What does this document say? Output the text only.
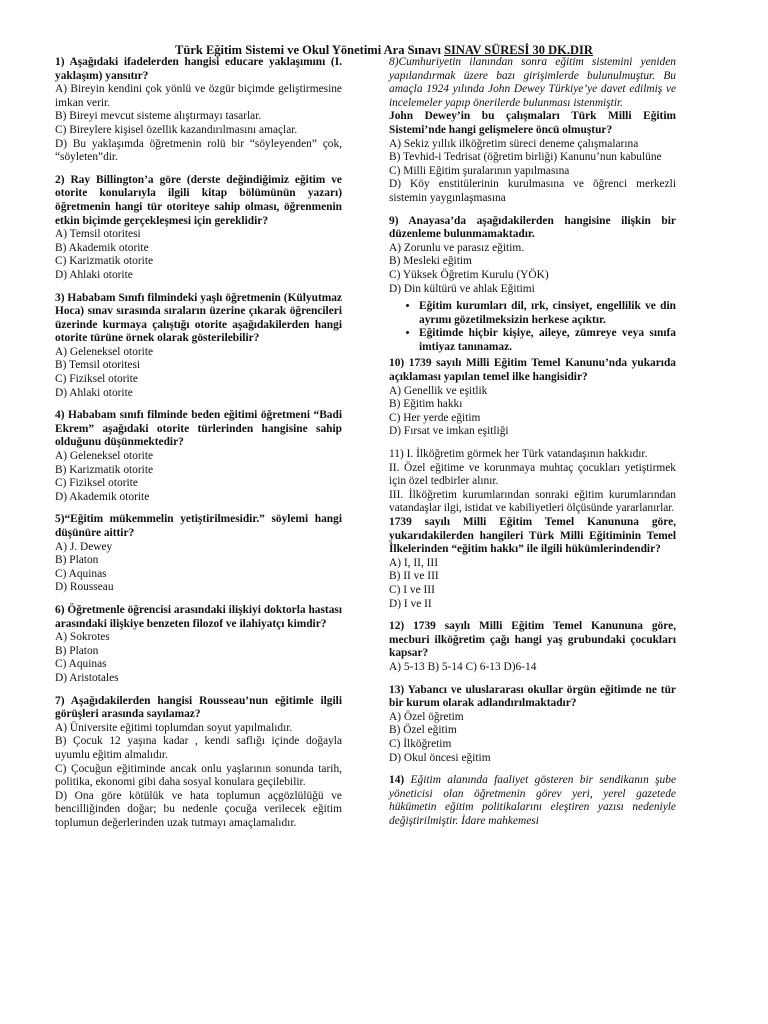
Türk Eğitim Sistemi ve Okul Yönetimi Ara Sınavı SINAV SÜRESİ 30 DK.DIR
1) Aşağıdaki ifadelerden hangisi educare yaklaşımını (I. yaklaşım) yansıtır?
A) Bireyin kendini çok yönlü ve özgür biçimde geliştirmesine imkan verir.
B) Bireyi mevcut sisteme alıştırmayı tasarlar.
C) Bireylere kişisel özellik kazandırılmasını amaçlar.
D) Bu yaklaşımda öğretmenin rolü bir “söyleyenden” çok, “söyleten”dir.
2) Ray Billington’a göre (derste değindiğimiz eğitim ve otorite konularıyla ilgili kitap bölümünün yazarı) öğretmenin hangi tür otoriteye sahip olması, öğrenmenin etkin biçimde gerçekleşmesi için gereklidir?
A) Temsil otoritesi
B) Akademik otorite
C) Karizmatik otorite
D) Ahlaki otorite
3) Hababam Sınıfı filmindeki yaşlı öğretmenin (Külyutmaz Hoca) sınav sırasında sıraların üzerine çıkarak öğrencileri üzerinde kurmaya çalıştığı otorite aşağıdakilerden hangi otorite türüne örnek olarak gösterilebilir?
A) Geleneksel otorite
B) Temsil otoritesi
C) Fiziksel otorite
D) Ahlaki otorite
4) Hababam sınıfı filminde beden eğitimi öğretmeni “Badi Ekrem” aşağıdaki otorite türlerinden hangisine sahip olduğunu düşünmektedir?
A) Geleneksel otorite
B) Karizmatik otorite
C) Fiziksel otorite
D) Akademik otorite
5)“Eğitim mükemmelin yetiştirilmesidir.” söylemi hangi düşünüre aittir?
A) J. Dewey
B) Platon
C) Aquinas
D) Rousseau
6) Öğretmenle öğrencisi arasındaki ilişkiyi doktorla hastası arasındaki ilişkiye benzeten filozof ve ilahiyatçı kimdir?
A) Sokrotes
B) Platon
C) Aquinas
D) Aristotales
7) Aşağıdakilerden hangisi Rousseau’nun eğitimle ilgili görüşleri arasında sayılamaz?
A) Üniversite eğitimi toplumdan soyut yapılmalıdır.
B) Çocuk 12 yaşına kadar , kendi saflığı içinde doğayla uyumlu eğitim almalıdır.
C) Çocuğun eğitiminde ancak onlu yaşlarının sonunda tarih, politika, ekonomi gibi daha sosyal konulara geçilebilir.
D) Ona göre kötülük ve hata toplumun açgözlülüğü ve bencilliğinden doğar; bu nedenle çocuğa verilecek eğitim toplumun değerlerinden uzak tutmayı amaçlamalıdır.
8)Cumhuriyetin ilanından sonra eğitim sistemini yeniden yapılandırmak üzere bazı girişimlerde bulunulmuştur. Bu amaçla 1924 yılında John Dewey Türkiye’ye davet edilmiş ve incelemeler yapıp önerilerde bulunması istenmiştir.
John Dewey’in bu çalışmaları Türk Milli Eğitim Sistemi’nde hangi gelişmelere öncü olmuştur?
A) Sekiz yıllık ilköğretim süreci deneme çalışmalarına
B) Tevhid-i Tedrisat (öğretim birliği) Kanunu’nun kabulüne
C) Milli Eğitim şuralarının yapılmasına
D) Köy enstitülerinin kurulmasına ve öğrenci merkezli sistemin yaygınlaşmasına
9) Anayasa’da aşağıdakilerden hangisine ilişkin bir düzenleme bulunmamaktadır.
A) Zorunlu ve parasız eğitim.
B) Mesleki eğitim
C) Yüksek Öğretim Kurulu (YÖK)
D) Din kültürü ve ahlak Eğitimi
• Eğitim kurumları dil, ırk, cinsiyet, engellilik ve din ayrımı gözetilmeksizin herkese açıktır.
• Eğitimde hiçbir kişiye, aileye, zümreye veya sınıfa imtiyaz tanınamaz.
10) 1739 sayılı Milli Eğitim Temel Kanunu’nda yukarıda açıklaması yapılan temel ilke hangisidir?
A) Genellik ve eşitlik
B) Eğitim hakkı
C) Her yerde eğitim
D) Fırsat ve imkan eşitliği
11) I. İlköğretim görmek her Türk vatandaşının hakkıdır.
II. Özel eğitime ve korunmaya muhtaç çocukları yetiştirmek için özel tedbirler alınır.
III. İlköğretim kurumlarından sonraki eğitim kurumlarından vatandaşlar ilgi, istidat ve kabiliyetleri ölçüsünde yararlanırlar.
1739 sayılı Milli Eğitim Temel Kanununa göre, yukarıdakilerden hangileri Türk Milli Eğitiminin Temel İlkelerinden “eğitim hakkı” ile ilgili hükümlerindendir?
A) I, II, III
B) II ve III
C) I ve III
D) I ve II
12) 1739 sayılı Milli Eğitim Temel Kanununa göre, mecburi ilköğretim çağı hangi yaş grubundaki çocukları kapsar?
A) 5-13 B) 5-14 C) 6-13 D)6-14
13) Yabancı ve uluslararası okullar örgün eğitimde ne tür bir kurum olarak adlandırılmaktadır?
A) Özel öğretim
B) Özel eğitim
C) İlköğretim
D) Okul öncesi eğitim
14) Eğitim alanında faaliyet gösteren bir sendikanın şube yöneticisi olan öğretmenin görev yeri, yerel gazetede hükümetin eğitim politikalarını eleştiren yazısı nedeniyle değiştirilmiştir. İdare mahkemesi
